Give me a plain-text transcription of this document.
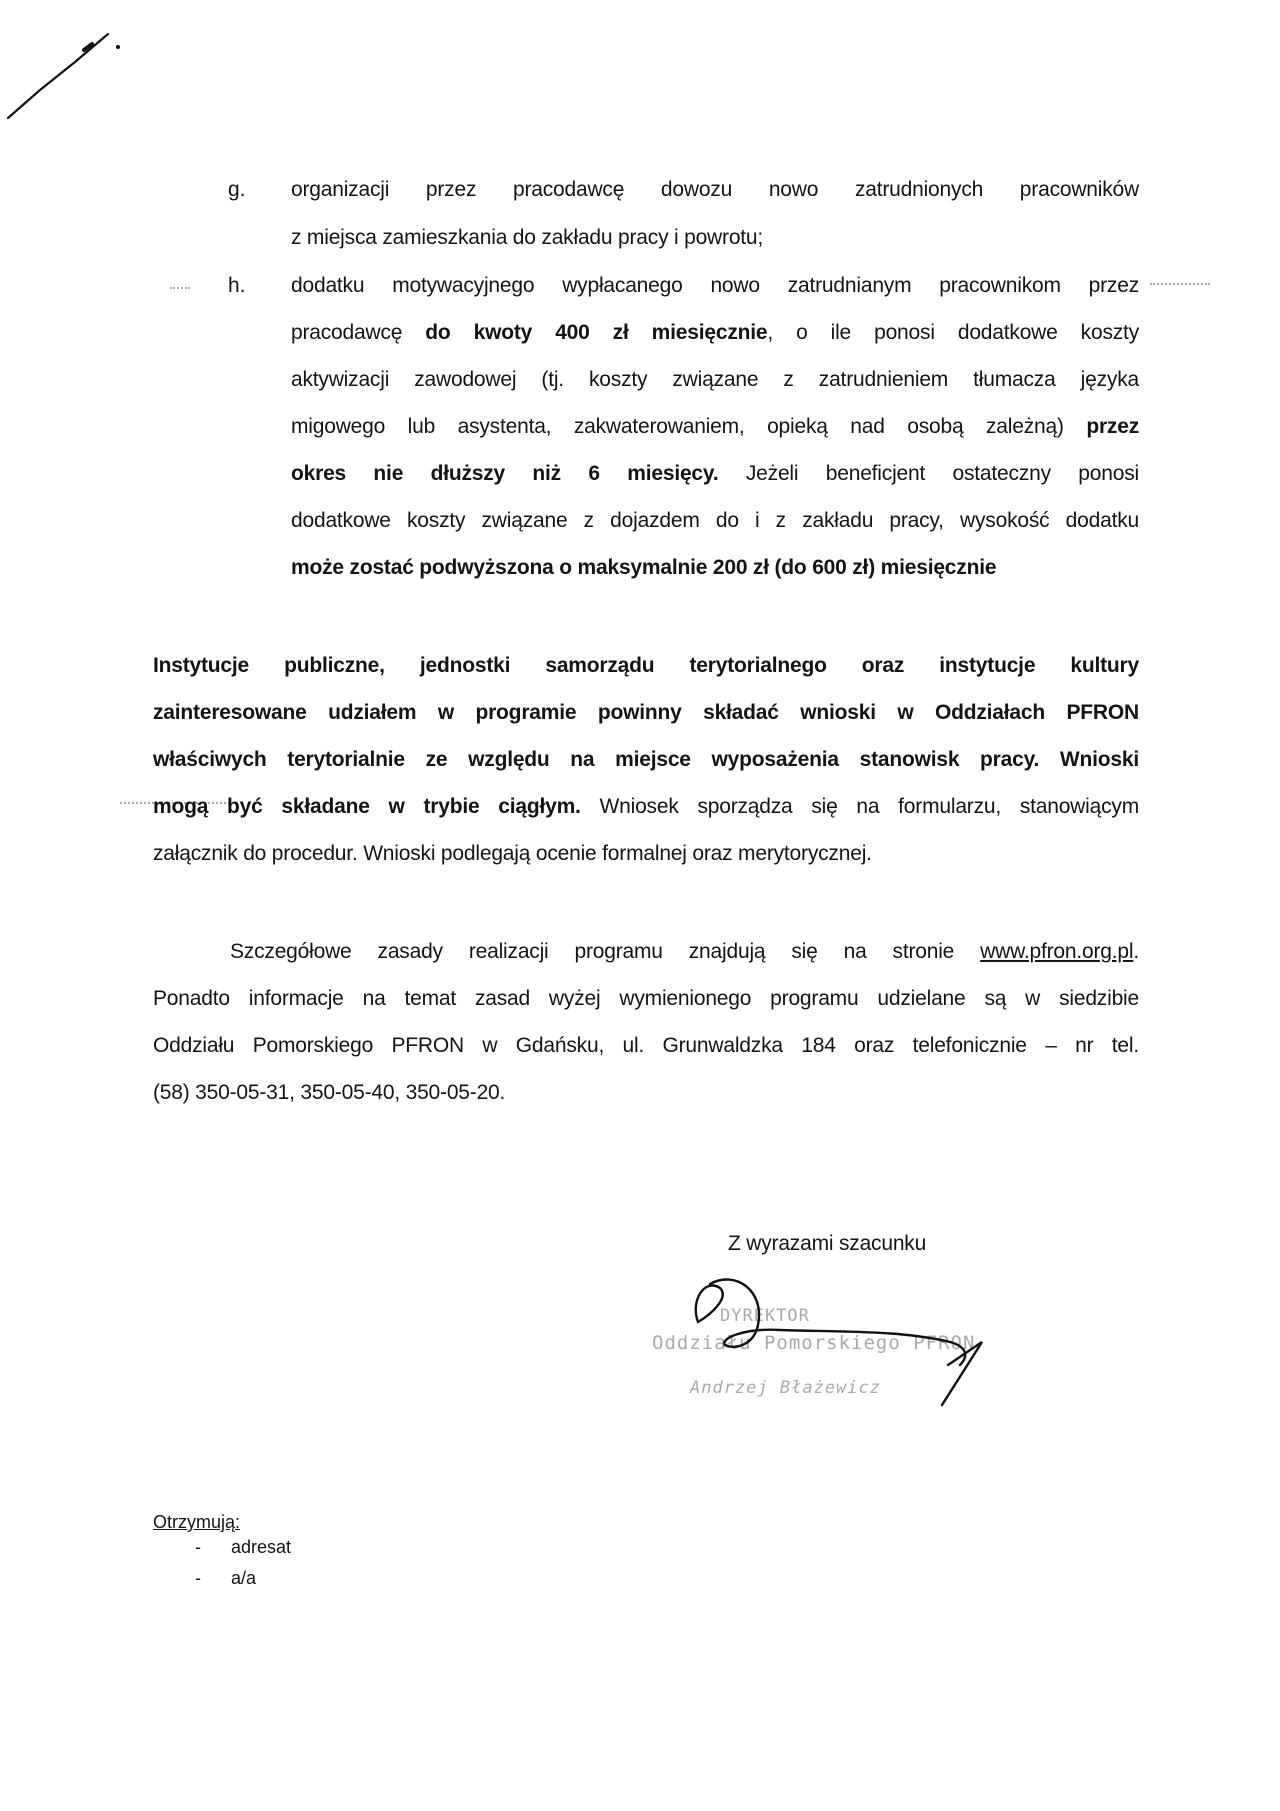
g. organizacji przez pracodawcę dowozu nowo zatrudnionych pracowników
z miejsca zamieszkania do zakładu pracy i powrotu;
h. dodatku motywacyjnego wypłacanego nowo zatrudnianym pracownikom przez
pracodawcę do kwoty 400 zł miesięcznie, o ile ponosi dodatkowe koszty
aktywizacji zawodowej (tj. koszty związane z zatrudnieniem tłumacza języka
migowego lub asystenta, zakwaterowaniem, opieką nad osobą zależną) przez
okres nie dłuższy niż 6 miesięcy. Jeżeli beneficjent ostateczny ponosi
dodatkowe koszty związane z dojazdem do i z zakładu pracy, wysokość dodatku
może zostać podwyższona o maksymalnie 200 zł (do 600 zł) miesięcznie
Instytucje publiczne, jednostki samorządu terytorialnego oraz instytucje kultury
zainteresowane udziałem w programie powinny składać wnioski w Oddziałach PFRON
właściwych terytorialnie ze względu na miejsce wyposażenia stanowisk pracy. Wnioski
mogą być składane w trybie ciągłym. Wniosek sporządza się na formularzu, stanowiącym
załącznik do procedur. Wnioski podlegają ocenie formalnej oraz merytorycznej.
Szczegółowe zasady realizacji programu znajdują się na stronie www.pfron.org.pl.
Ponadto informacje na temat zasad wyżej wymienionego programu udzielane są w siedzibie
Oddziału Pomorskiego PFRON w Gdańsku, ul. Grunwaldzka 184 oraz telefonicznie – nr tel.
(58) 350-05-31, 350-05-40, 350-05-20.
Z wyrazami szacunku
DYREKTOR
Oddziału Pomorskiego PFRON
Andrzej Błażewicz
Otrzymują:
- adresat
- a/a
